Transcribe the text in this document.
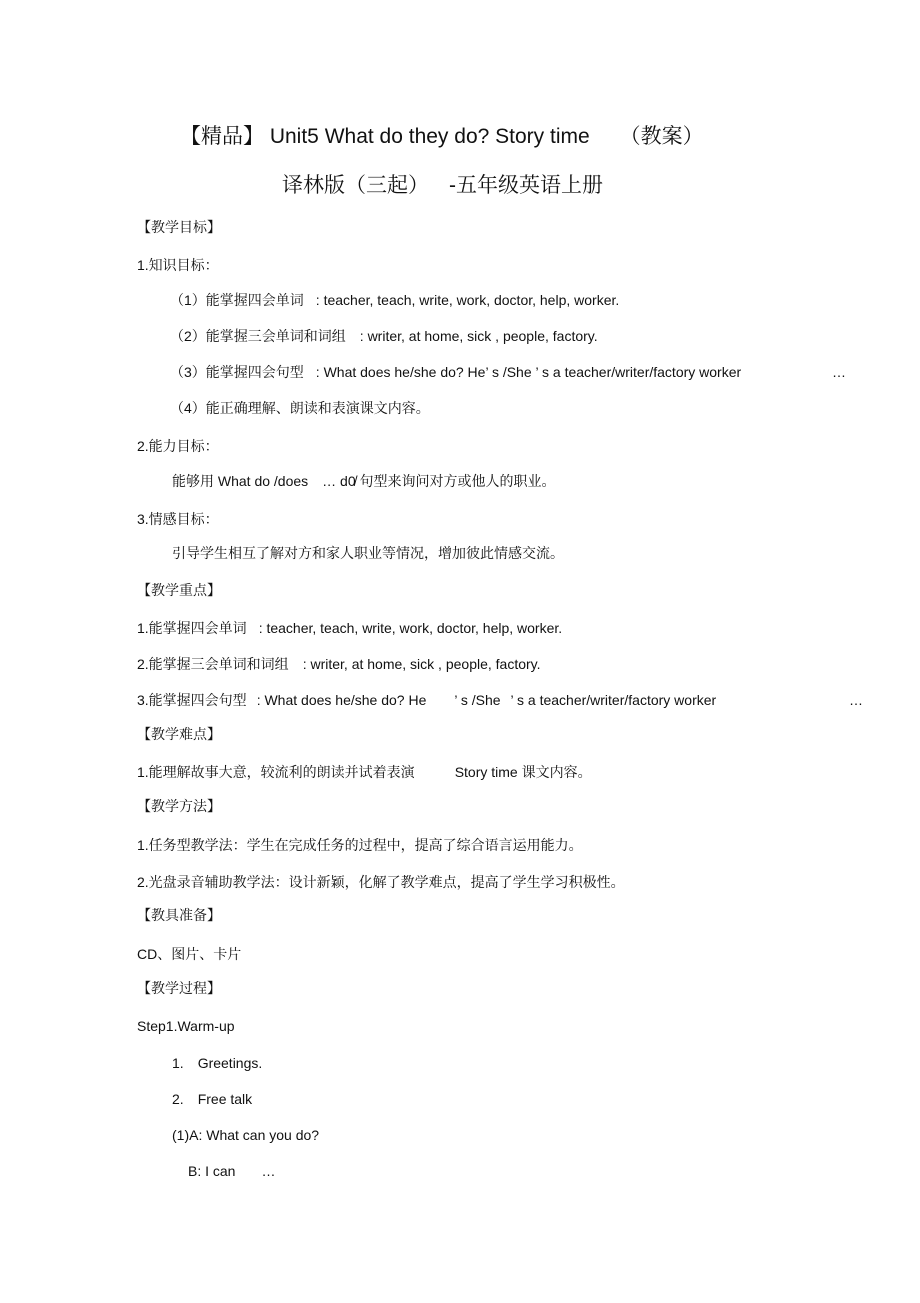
【精品】 Unit5 What do they do? Story time （教案）
译林版（三起） -五年级英语上册
【教学目标】
1.知识目标：
（1）能掌握四会单词 : teacher, teach, write, work, doctor, help, worker.
（2）能掌握三会单词和词组 : writer, at home, sick , people, factory.
（3）能掌握四会句型 : What does he/she do? He’ s /She ’ s a teacher/writer/factory worker	…
（4）能正确理解、朗读和表演课文内容。
2.能力目标：
能够用 What do /does … d0̸ 句型来询问对方或他人的职业。
3.情感目标：
引导学生相互了解对方和家人职业等情况，增加彼此情感交流。
【教学重点】
1.能掌握四会单词 : teacher, teach, write, work, doctor, help, worker.
2.能掌握三会单词和词组 : writer, at home, sick , people, factory.
3.能掌握四会句型 : What does he/she do? He ’ s /She ’ s a teacher/writer/factory worker	…
【教学难点】
1.能理解故事大意，较流利的朗读并试着表演	Story time 课文内容。
【教学方法】
1.任务型教学法：学生在完成任务的过程中，提高了综合语言运用能力。
2.光盘录音辅助教学法：设计新颖，化解了教学难点，提高了学生学习积极性。
【教具准备】
CD、图片、卡片
【教学过程】
Step1.Warm-up
1. Greetings.
2. Free talk
(1)A: What can you do?
B: I can …
